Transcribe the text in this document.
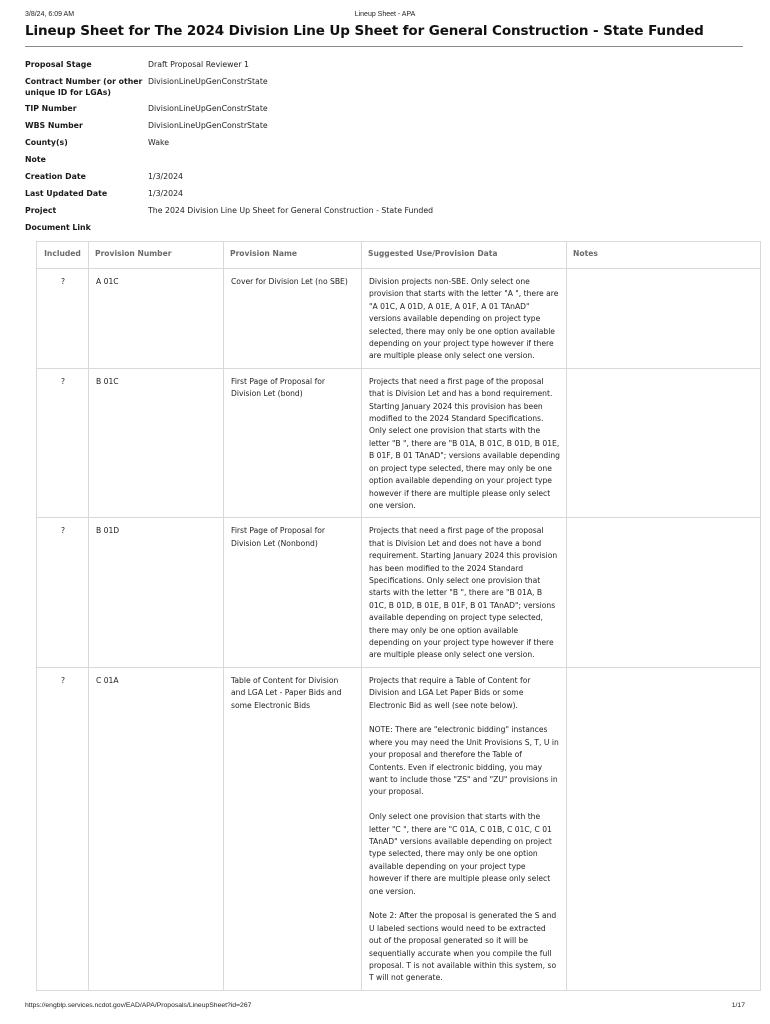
3/8/24, 6:09 AM	Lineup Sheet - APA
Lineup Sheet for The 2024 Division Line Up Sheet for General Construction - State Funded
Proposal Stage	Draft Proposal Reviewer 1
Contract Number (or other unique ID for LGAs)
DivisionLineUpGenConstrState
TIP Number	DivisionLineUpGenConstrState
WBS Number	DivisionLineUpGenConstrState
County(s)	Wake
Note
Creation Date	1/3/2024
Last Updated Date	1/3/2024
Project	The 2024 Division Line Up Sheet for General Construction - State Funded
Document Link
Included	Provision Number	Provision Name	Suggested Use/Provision Data	Notes
?	A 01C	Cover for Division Let (no SBE)	Division projects non-SBE. Only select one provision that starts with the letter "A ", there are "A 01C, A 01D, A 01E, A 01F, A 01 TAnAD" versions available depending on project type selected, there may only be one option available depending on your project type however if there are multiple please only select one version.	

?	B 01C	First Page of Proposal for Division Let (bond)	Projects that need a first page of the proposal that is Division Let and has a bond requirement. Starting January 2024 this provision has been modified to the 2024 Standard Specifications. Only select one provision that starts with the letter "B ", there are "B 01A, B 01C, B 01D, B 01E, B 01F, B 01 TAnAD"; versions available depending on project type selected, there may only be one option available depending on your project type however if there are multiple please only select one version.	

?	B 01D	First Page of Proposal for Division Let (Nonbond)	Projects that need a first page of the proposal that is Division Let and does not have a bond requirement. Starting January 2024 this provision has been modified to the 2024 Standard Specifications. Only select one provision that starts with the letter "B ", there are "B 01A, B 01C, B 01D, B 01E, B 01F, B 01 TAnAD"; versions available depending on project type selected, there may only be one option available depending on your project type however if there are multiple please only select one version.	

?	C 01A	Table of Content for Division and LGA Let - Paper Bids and some Electronic Bids	Projects that require a Table of Content for Division and LGA Let Paper Bids or some Electronic Bid as well (see note below).
NOTE: There are "electronic bidding" instances where you may need the Unit Provisions S, T, U in your proposal and therefore the Table of Contents. Even if electronic bidding, you may want to include those "ZS" and "ZU" provisions in your proposal.
Only select one provision that starts with the letter "C ", there are "C 01A, C 01B, C 01C, C 01 TAnAD" versions available depending on project type selected, there may only be one option available depending on your project type however if there are multiple please only select one version.
Note 2: After the proposal is generated the S and U labeled sections would need to be extracted out of the proposal generated so it will be sequentially accurate when you compile the full proposal. T is not available within this system, so T will not generate.	

https://engblp.services.ncdot.gov/EAD/APA/Proposals/LineupSheet?id=267	1/17
